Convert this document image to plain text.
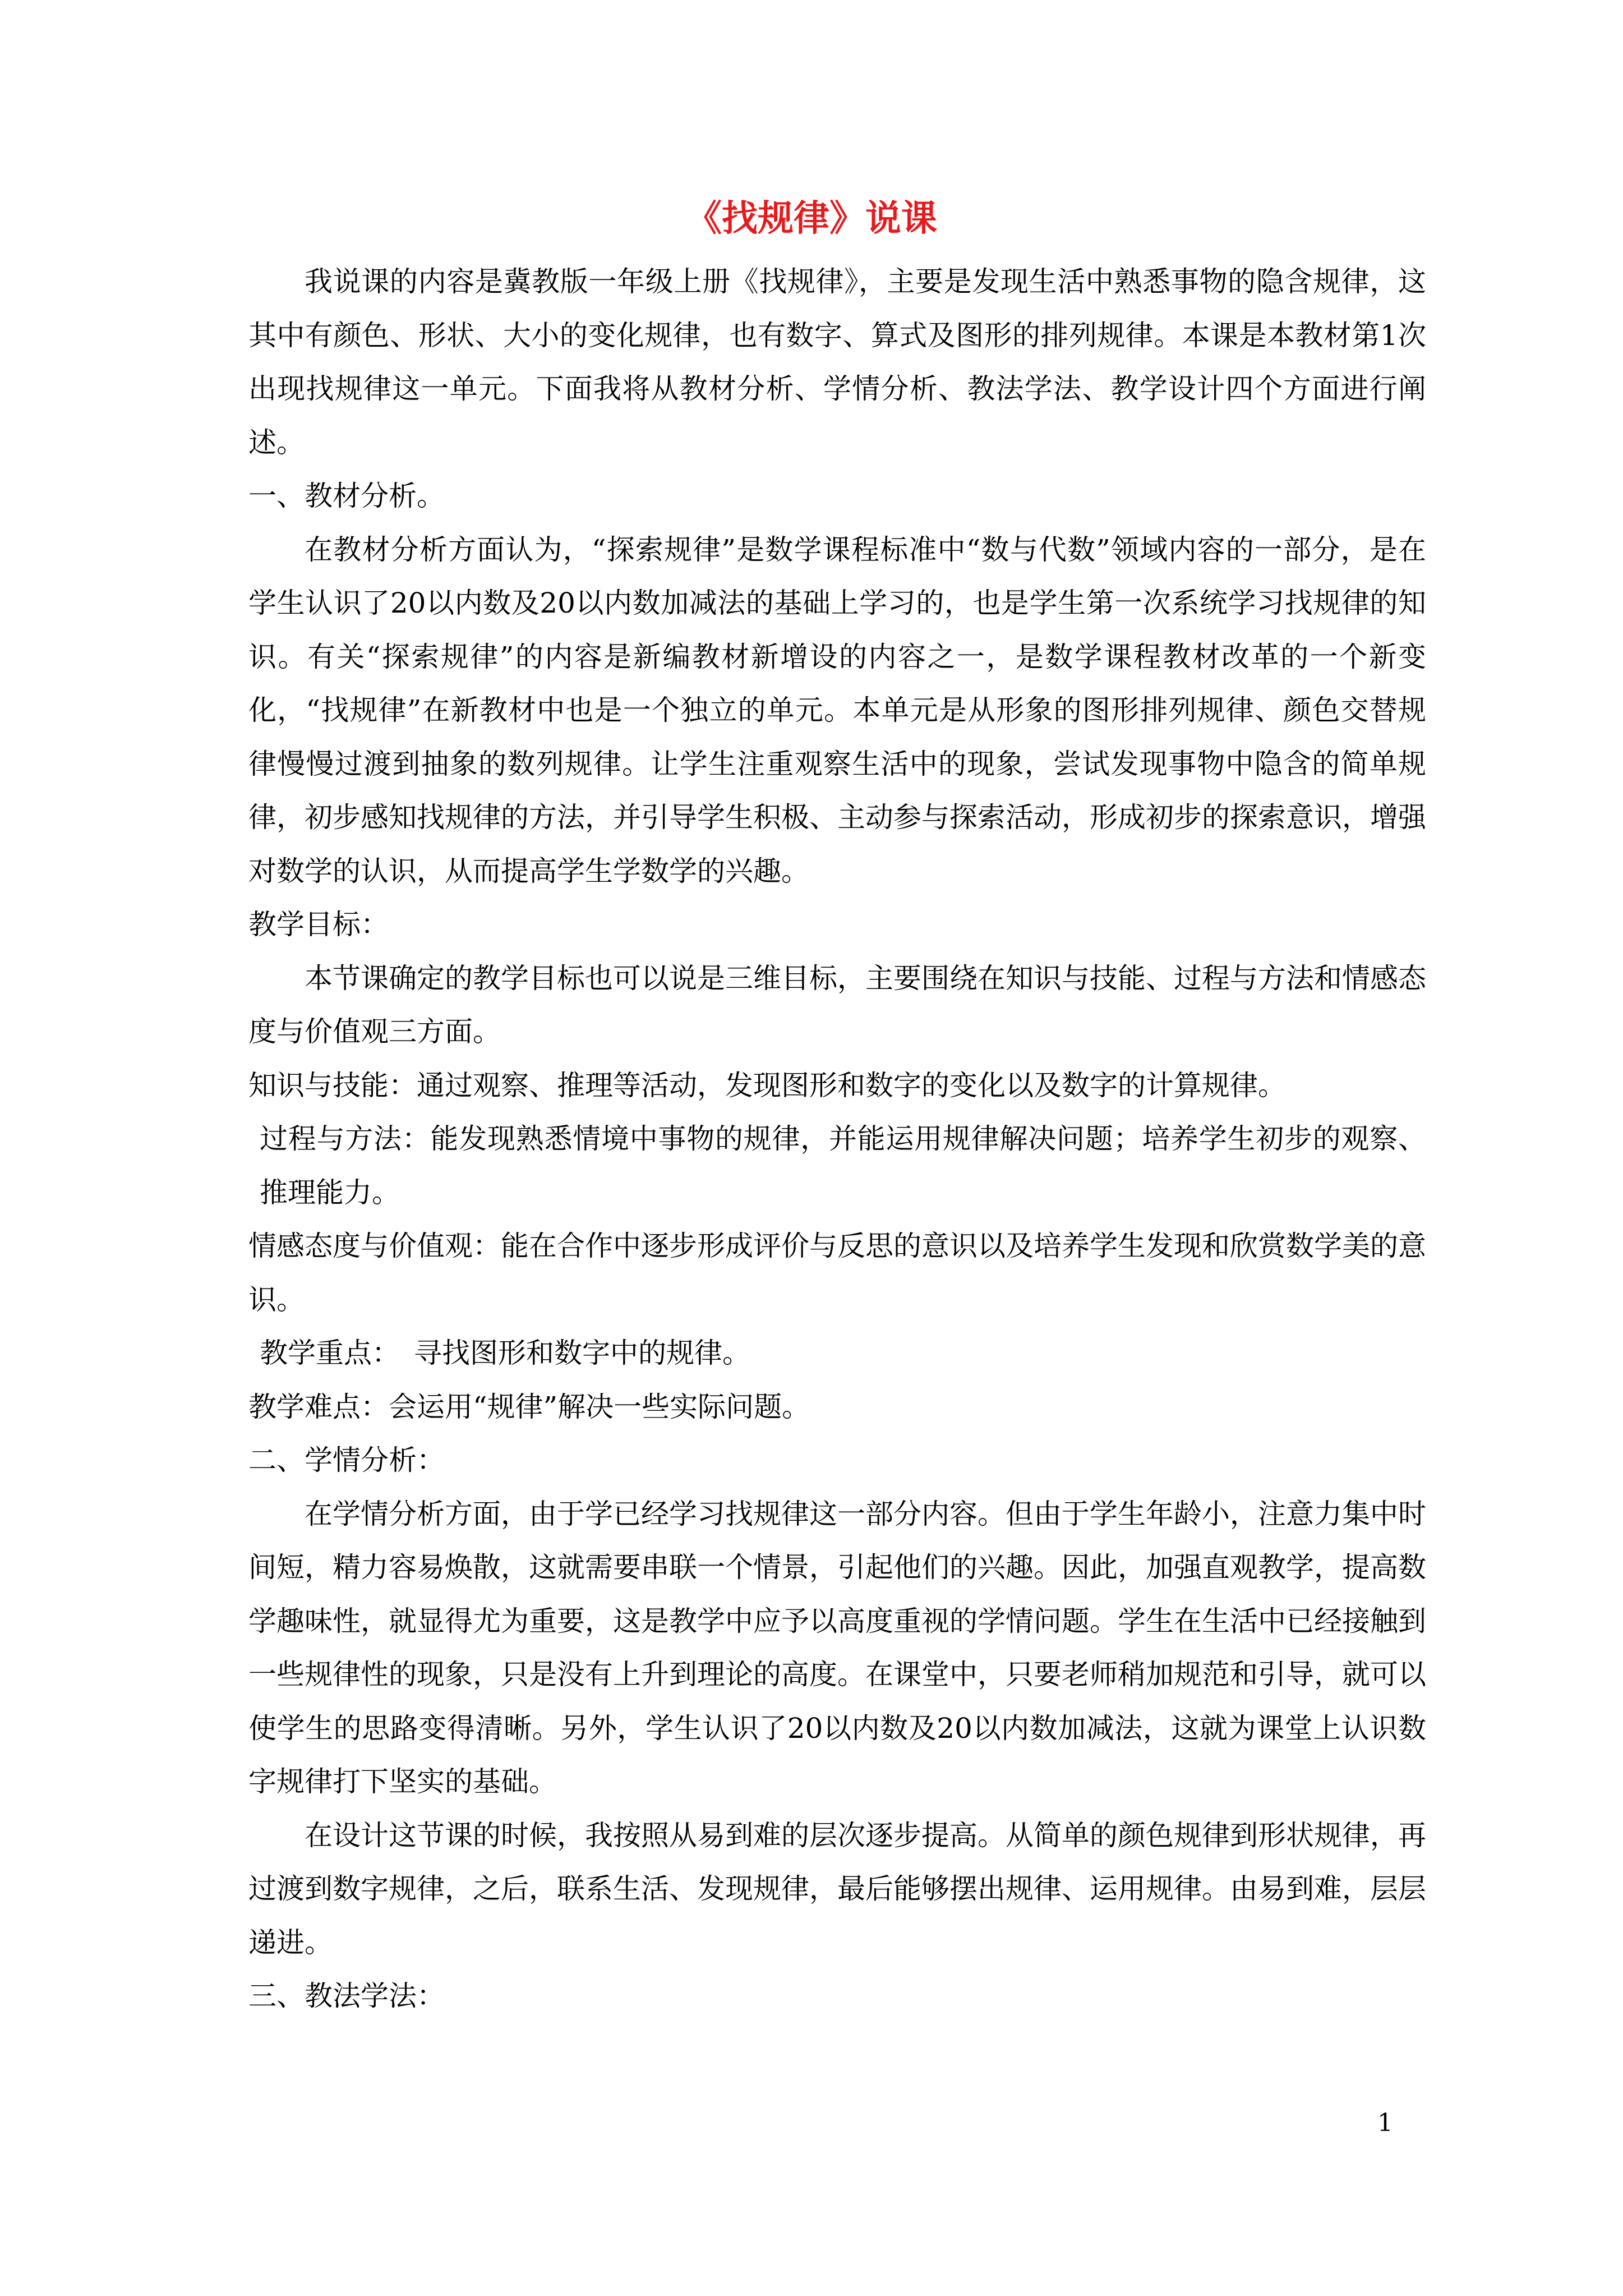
《找规律》说课

我说课的内容是冀教版一年级上册《找规律》，主要是发现生活中熟悉事物的隐含规律，这其中有颜色、形状、大小的变化规律，也有数字、算式及图形的排列规律。本课是本教材第1次出现找规律这一单元。下面我将从教材分析、学情分析、教法学法、教学设计四个方面进行阐述。

一、教材分析。

在教材分析方面认为，“探索规律”是数学课程标准中“数与代数”领域内容的一部分，是在学生认识了20以内数及20以内数加减法的基础上学习的，也是学生第一次系统学习找规律的知识。有关“探索规律”的内容是新编教材新增设的内容之一，是数学课程教材改革的一个新变化，“找规律”在新教材中也是一个独立的单元。本单元是从形象的图形排列规律、颜色交替规律慢慢过渡到抽象的数列规律。让学生注重观察生活中的现象，尝试发现事物中隐含的简单规律，初步感知找规律的方法，并引导学生积极、主动参与探索活动，形成初步的探索意识，增强对数学的认识，从而提高学生学数学的兴趣。

教学目标：

本节课确定的教学目标也可以说是三维目标，主要围绕在知识与技能、过程与方法和情感态度与价值观三方面。

知识与技能：通过观察、推理等活动，发现图形和数字的变化以及数字的计算规律。

过程与方法：能发现熟悉情境中事物的规律，并能运用规律解决问题；培养学生初步的观察、推理能力。

情感态度与价值观：能在合作中逐步形成评价与反思的意识以及培养学生发现和欣赏数学美的意识。

教学重点：　寻找图形和数字中的规律。

教学难点：会运用“规律”解决一些实际问题。

二、学情分析：

在学情分析方面，由于学已经学习找规律这一部分内容。但由于学生年龄小，注意力集中时间短，精力容易焕散，这就需要串联一个情景，引起他们的兴趣。因此，加强直观教学，提高数学趣味性，就显得尤为重要，这是教学中应予以高度重视的学情问题。学生在生活中已经接触到一些规律性的现象，只是没有上升到理论的高度。在课堂中，只要老师稍加规范和引导，就可以使学生的思路变得清晰。另外，学生认识了20以内数及20以内数加减法，这就为课堂上认识数字规律打下坚实的基础。

在设计这节课的时候，我按照从易到难的层次逐步提高。从简单的颜色规律到形状规律，再过渡到数字规律，之后，联系生活、发现规律，最后能够摆出规律、运用规律。由易到难，层层递进。

三、教法学法：

1
